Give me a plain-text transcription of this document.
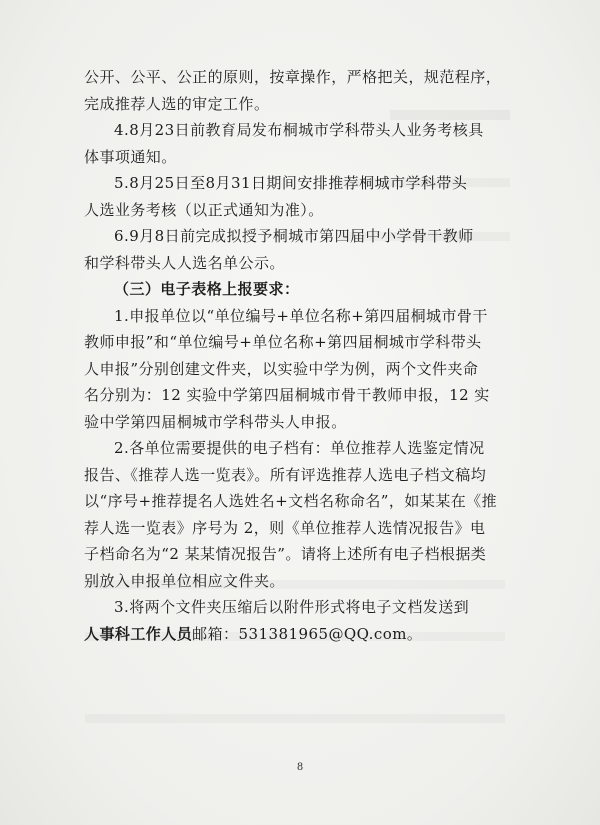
公开、公平、公正的原则，按章操作，严格把关，规范程序，

完成推荐人选的审定工作。

4.8月23日前教育局发布桐城市学科带头人业务考核具

体事项通知。

5.8月25日至8月31日期间安排推荐桐城市学科带头

人选业务考核（以正式通知为准）。

6.9月8日前完成拟授予桐城市第四届中小学骨干教师

和学科带头人人选名单公示。

（三）电子表格上报要求：

1.申报单位以“单位编号+单位名称+第四届桐城市骨干

教师申报”和“单位编号+单位名称+第四届桐城市学科带头

人申报”分别创建文件夹，以实验中学为例，两个文件夹命

名分别为：12 实验中学第四届桐城市骨干教师申报，12 实

验中学第四届桐城市学科带头人申报。

2.各单位需要提供的电子档有：单位推荐人选鉴定情况

报告、《推荐人选一览表》。所有评选推荐人选电子档文稿均

以“序号+推荐提名人选姓名+文档名称命名”，如某某在《推

荐人选一览表》序号为 2，则《单位推荐人选情况报告》电

子档命名为“2 某某情况报告”。请将上述所有电子档根据类

别放入申报单位相应文件夹。

3.将两个文件夹压缩后以附件形式将电子文档发送到

人事科工作人员邮箱：531381965@QQ.com。

8
